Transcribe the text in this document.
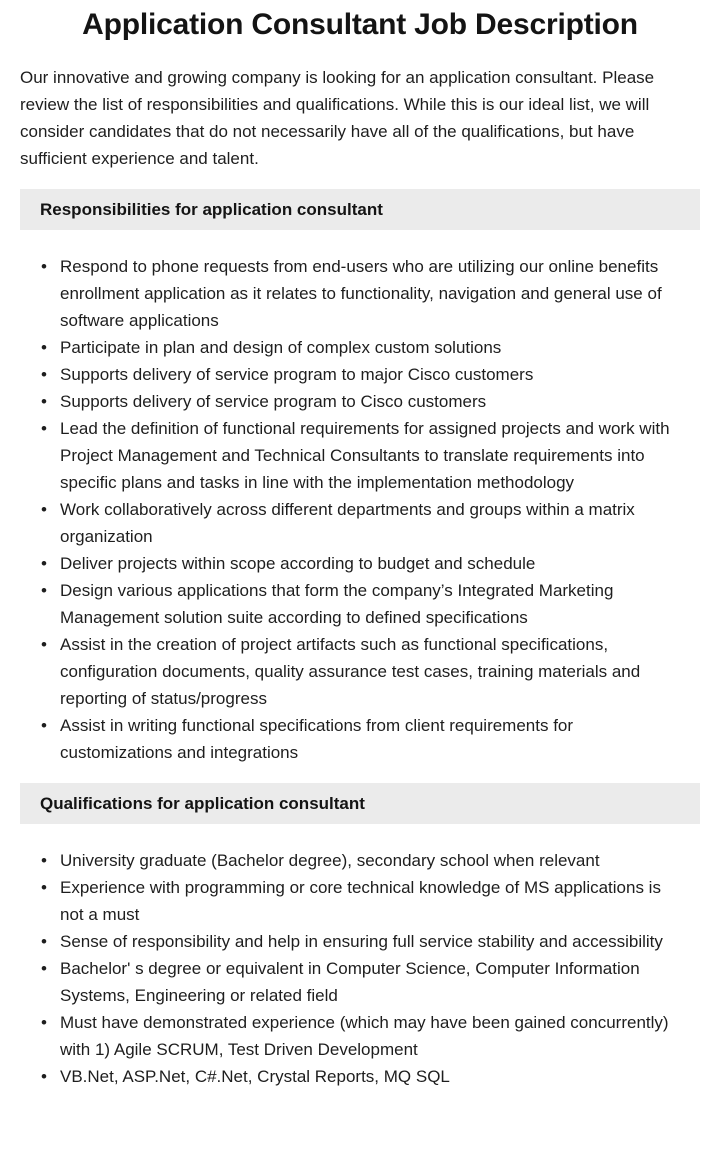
Application Consultant Job Description

Our innovative and growing company is looking for an application consultant. Please review the list of responsibilities and qualifications. While this is our ideal list, we will consider candidates that do not necessarily have all of the qualifications, but have sufficient experience and talent.

Responsibilities for application consultant
• Respond to phone requests from end-users who are utilizing our online benefits enrollment application as it relates to functionality, navigation and general use of software applications
• Participate in plan and design of complex custom solutions
• Supports delivery of service program to major Cisco customers
• Supports delivery of service program to Cisco customers
• Lead the definition of functional requirements for assigned projects and work with Project Management and Technical Consultants to translate requirements into specific plans and tasks in line with the implementation methodology
• Work collaboratively across different departments and groups within a matrix organization
• Deliver projects within scope according to budget and schedule
• Design various applications that form the company’s Integrated Marketing Management solution suite according to defined specifications
• Assist in the creation of project artifacts such as functional specifications, configuration documents, quality assurance test cases, training materials and reporting of status/progress
• Assist in writing functional specifications from client requirements for customizations and integrations
Qualifications for application consultant
• University graduate (Bachelor degree), secondary school when relevant
• Experience with programming or core technical knowledge of MS applications is not a must
• Sense of responsibility and help in ensuring full service stability and accessibility
• Bachelor' s degree or equivalent in Computer Science, Computer Information Systems, Engineering or related field
• Must have demonstrated experience (which may have been gained concurrently) with 1) Agile SCRUM, Test Driven Development
• VB.Net, ASP.Net, C#.Net, Crystal Reports, MQ SQL
